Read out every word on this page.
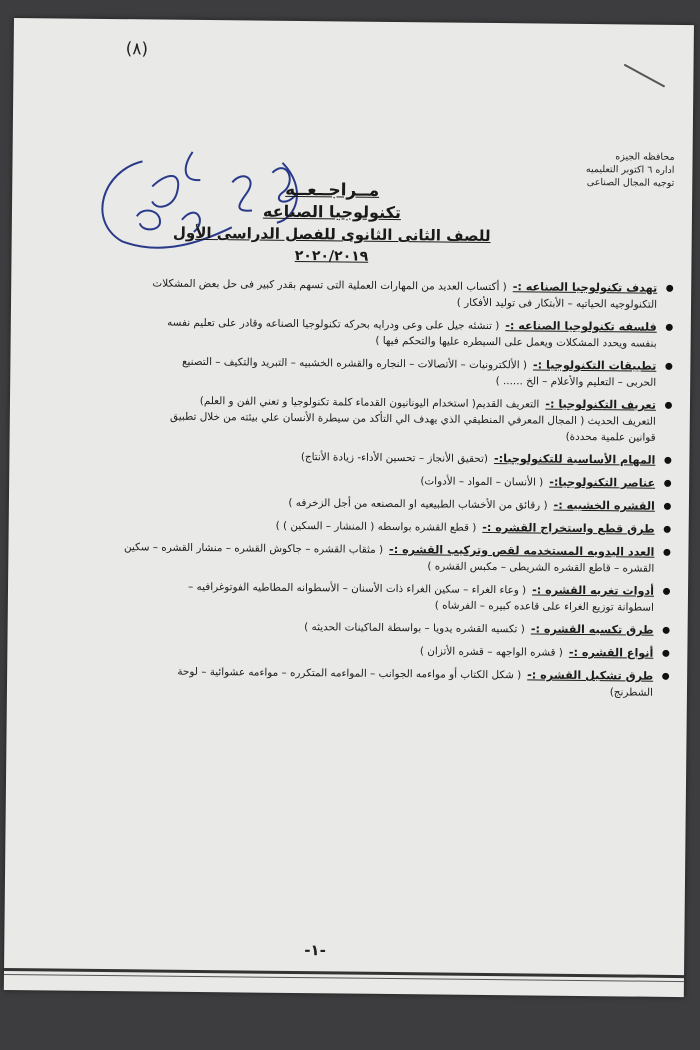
(٨)
محافظه الجيزه
اداره ٦ اكتوبر التعليميه
توجيه المجال الصناعى
مــراجــعــه
تكنولوجيا الصناعه
للصف الثانى الثانوى للفصل الدراسى الأول
٢٠٢٠/٢٠١٩
تهدف تكنولوجيا الصناعه :-( أكتساب العديد من المهارات العملية التى تسهم بقدر كبير فى حل بعض المشكلات
التكنولوجيه الحياتيه – الأبتكار فى توليد الأفكار )
فلسفه تكنولوجيا الصناعه :-( تنشئه جيل على وعى ودرايه بحركه تكنولوجيا الصناعه وقادر على تعليم نفسه
بنفسه ويحدد المشكلات ويعمل على السيطره عليها والتحكم فيها )
تطبيقات التكنولوجيا :-( الألكترونيات – الأتصالات – النجاره والقشره الخشبيه – التبريد والتكيف – التصنيع
الحربى – التعليم والأعلام – الخ ...... )
تعريف التكنولوجيا :-التعريف القديم( استخدام اليونانيون القدماء كلمة تكنولوجيا و تعني الفن و العلم)
التعريف الحديث ( المجال المعرفي المنطيقي الذي يهدف الي التأكد من سيطرة الأنسان علي بيئته من خلال تطبيق
قوانين علمية محددة)
المهام الأساسية للتكنولوجيا:-(تحقيق الأنجاز – تحسين الأداء- زيادة الأنتاج)
عناصر التكنولوجيا:-( الأنسان – المواد – الأدوات)
القشره الخشبيه :-( رقائق من الأخشاب الطبيعيه او المصنعه من أجل الزخرفه )
طرق قطع واستخراج القشره :-( قطع القشره بواسطه ( المنشار – السكين ) )
العدد اليدويه المستخدمه لقص وتركيب القشره :-( مثقاب القشره – جاكوش القشره – منشار القشره – سكين
القشره – قاطع القشره الشريطى – مكبس القشره )
أدوات تغريه القشره :-( وعاء الغراء – سكين الغراء ذات الأسنان – الأسطوانه المطاطيه الفوتوغرافيه –
اسطوانة توزيع الغراء على قاعده كبيره – الفرشاه )
طرق تكسيه القشره :-( تكسيه القشره يدويا – بواسطة الماكينات الحديثه )
أنواع القشره :-( قشره الواجهه – قشره الأتزان )
طرق تشكيل القشره :-( شكل الكتاب أو مواءمه الجوانب – المواءمه المتكرره – مواءمه عشوائية – لوحة
الشطرنج)
-١-
